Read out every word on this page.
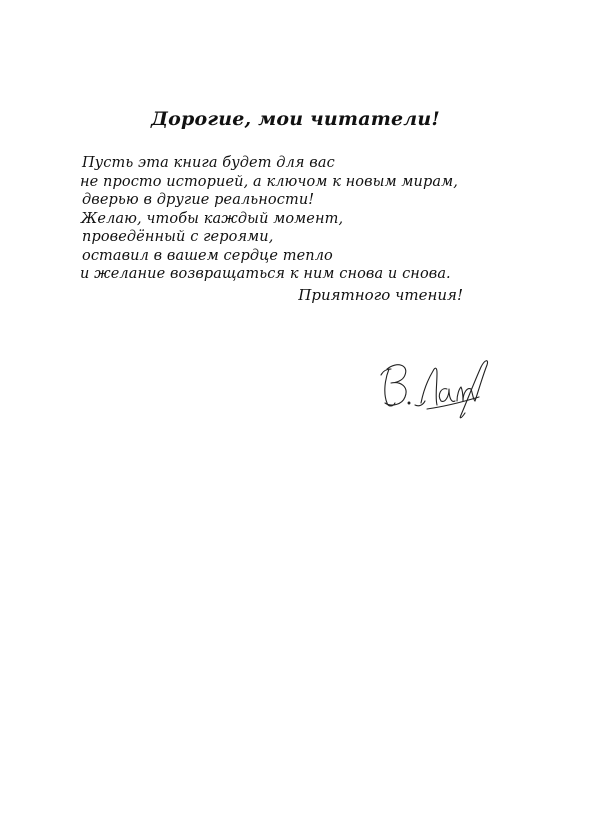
Дорогие, мои читатели!
Пусть эта книга будет для вас
не просто историей, а ключом к новым мирам,
дверью в другие реальности!
Желаю, чтобы каждый момент,
проведённый с героями,
оставил в вашем сердце тепло
и желание возвращаться к ним снова и снова.

Приятного чтения!
